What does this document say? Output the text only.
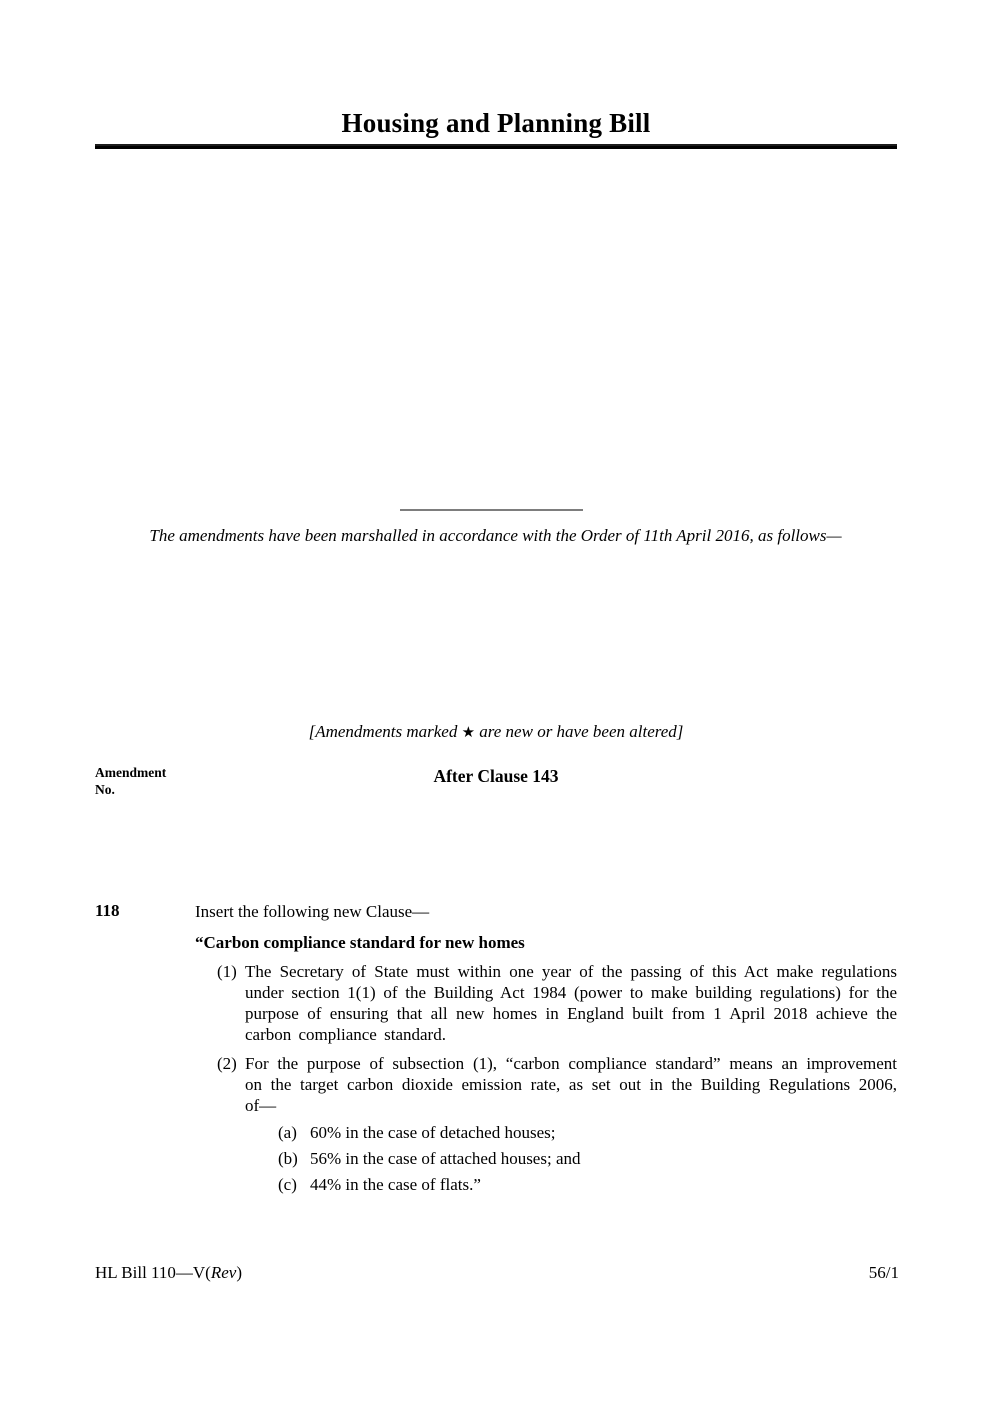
Housing and Planning Bill

The amendments have been marshalled in accordance with the Order of 11th April 2016, as follows—

[Amendments marked ★ are new or have been altered]

Amendment
No.
After Clause 143
118	Insert the following new Clause—

“Carbon compliance standard for new homes
(1) The Secretary of State must within one year of the passing of this Act make regulations under section 1(1) of the Building Act 1984 (power to make building regulations) for the purpose of ensuring that all new homes in England built from 1 April 2018 achieve the carbon compliance standard.

(2) For the purpose of subsection (1), “carbon compliance standard” means an improvement on the target carbon dioxide emission rate, as set out in the Building Regulations 2006, of—

(a) 60% in the case of detached houses;
(b) 56% in the case of attached houses; and
(c) 44% in the case of flats.”
HL Bill 110—V(Rev)	56/1
